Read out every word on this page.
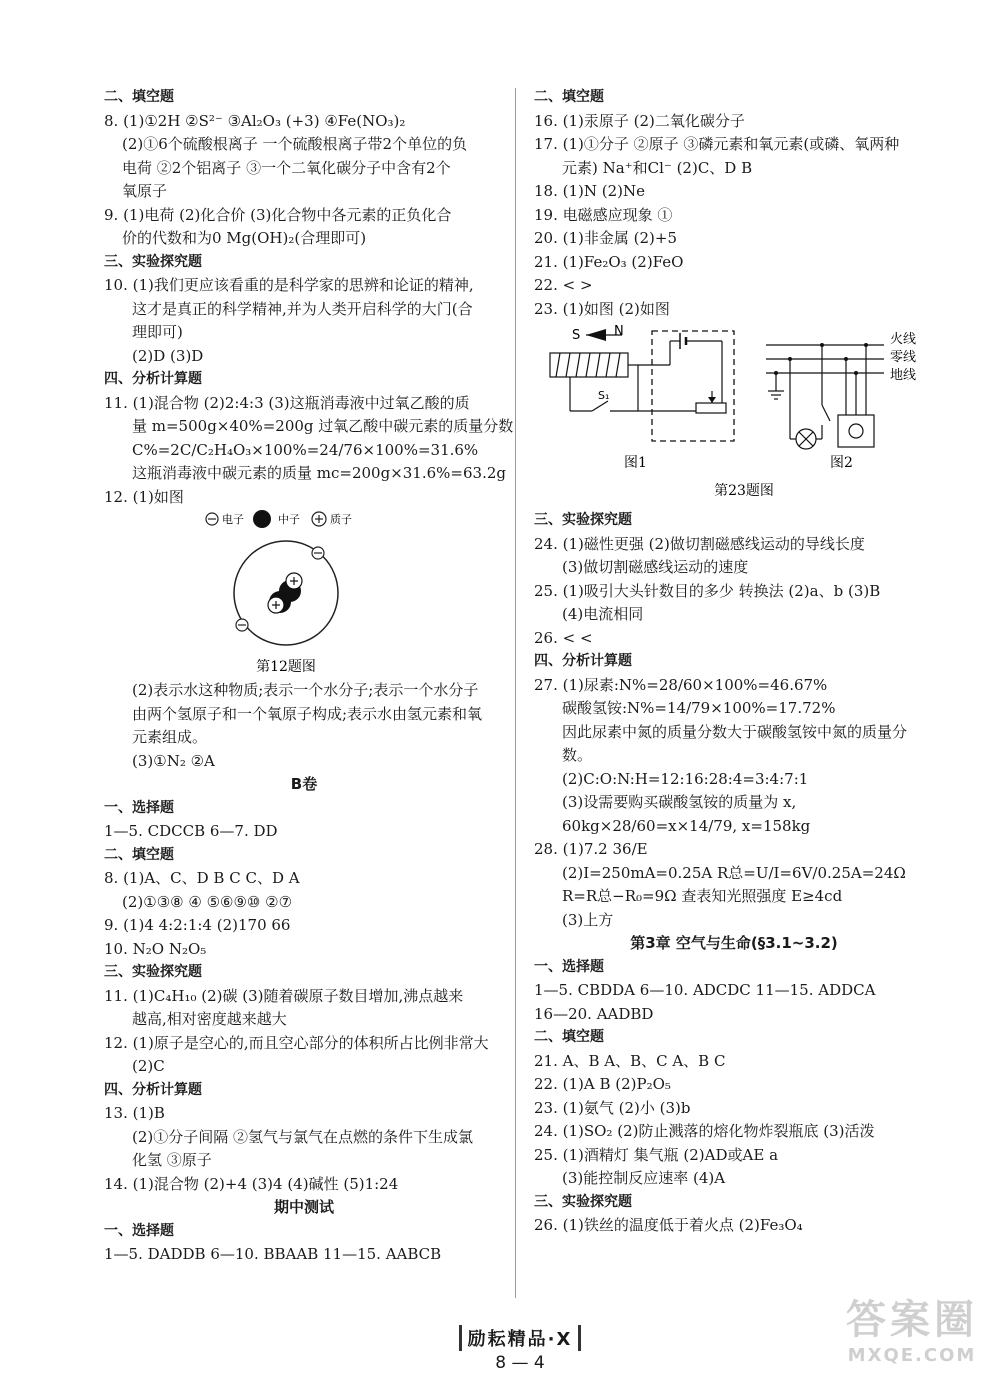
二、填空题
8. (1)①2H ②S²⁻ ③Al₂O₃ (+3) ④Fe(NO₃)₂
(2)①6个硫酸根离子 一个硫酸根离子带2个单位的负
电荷 ②2个铝离子 ③一个二氧化碳分子中含有2个
氧原子
9. (1)电荷 (2)化合价 (3)化合物中各元素的正负化合
价的代数和为0 Mg(OH)₂(合理即可)
三、实验探究题
10. (1)我们更应该看重的是科学家的思辨和论证的精神,
这才是真正的科学精神,并为人类开启科学的大门(合
理即可)
(2)D (3)D
四、分析计算题
11. (1)混合物 (2)2:4:3 (3)这瓶消毒液中过氧乙酸的质
量 m=500g×40%=200g 过氧乙酸中碳元素的质量分数
C%=2C/C₂H₄O₃×100%=24/76×100%=31.6%
这瓶消毒液中碳元素的质量 mc=200g×31.6%=63.2g
12. (1)如图
电子	中子	质子
第12题图
(2)表示水这种物质;表示一个水分子;表示一个水分子
由两个氢原子和一个氧原子构成;表示水由氢元素和氧
元素组成。
(3)①N₂ ②A
B卷
一、选择题
1—5. CDCCB 6—7. DD
二、填空题
8. (1)A、C、D B C C、D A
(2)①③⑧ ④ ⑤⑥⑨⑩ ②⑦
9. (1)4 4:2:1:4 (2)170 66
10. N₂O N₂O₅
三、实验探究题
11. (1)C₄H₁₀ (2)碳 (3)随着碳原子数目增加,沸点越来
越高,相对密度越来越大
12. (1)原子是空心的,而且空心部分的体积所占比例非常大
(2)C
四、分析计算题
13. (1)B
(2)①分子间隔 ②氢气与氯气在点燃的条件下生成氯
化氢 ③原子
14. (1)混合物 (2)+4 (3)4 (4)碱性 (5)1:24
期中测试
一、选择题
1—5. DADDB 6—10. BBAAB 11—15. AABCB
二、填空题
16. (1)汞原子 (2)二氧化碳分子
17. (1)①分子 ②原子 ③磷元素和氧元素(或磷、氧两种
元素) Na⁺和Cl⁻ (2)C、D B
18. (1)N (2)Ne
19. 电磁感应现象 ①
20. (1)非金属 (2)+5
21. (1)Fe₂O₃ (2)FeO
22. < >
23. (1)如图 (2)如图
S	N
S₁
图1
火线
零线
地线
图2
第23题图
三、实验探究题
24. (1)磁性更强 (2)做切割磁感线运动的导线长度
(3)做切割磁感线运动的速度
25. (1)吸引大头针数目的多少 转换法 (2)a、b (3)B
(4)电流相同
26. < <
四、分析计算题
27. (1)尿素:N%=28/60×100%=46.67%
碳酸氢铵:N%=14/79×100%=17.72%
因此尿素中氮的质量分数大于碳酸氢铵中氮的质量分
数。
(2)C:O:N:H=12:16:28:4=3:4:7:1
(3)设需要购买碳酸氢铵的质量为 x,
60kg×28/60=x×14/79, x=158kg
28. (1)7.2 36/E
(2)I=250mA=0.25A R总=U/I=6V/0.25A=24Ω
R=R总−R₀=9Ω 查表知光照强度 E≥4cd
(3)上方
第3章 空气与生命(§3.1~3.2)
一、选择题
1—5. CBDDA 6—10. ADCDC 11—15. ADDCA
16—20. AADBD
二、填空题
21. A、B A、B、C A、B C
22. (1)A B (2)P₂O₅
23. (1)氨气 (2)小 (3)b
24. (1)SO₂ (2)防止溅落的熔化物炸裂瓶底 (3)活泼
25. (1)酒精灯 集气瓶 (2)AD或AE a
(3)能控制反应速率 (4)A
三、实验探究题
26. (1)铁丝的温度低于着火点 (2)Fe₃O₄
励耘精品·X
8 — 4
答案圈
MXQE.COM
